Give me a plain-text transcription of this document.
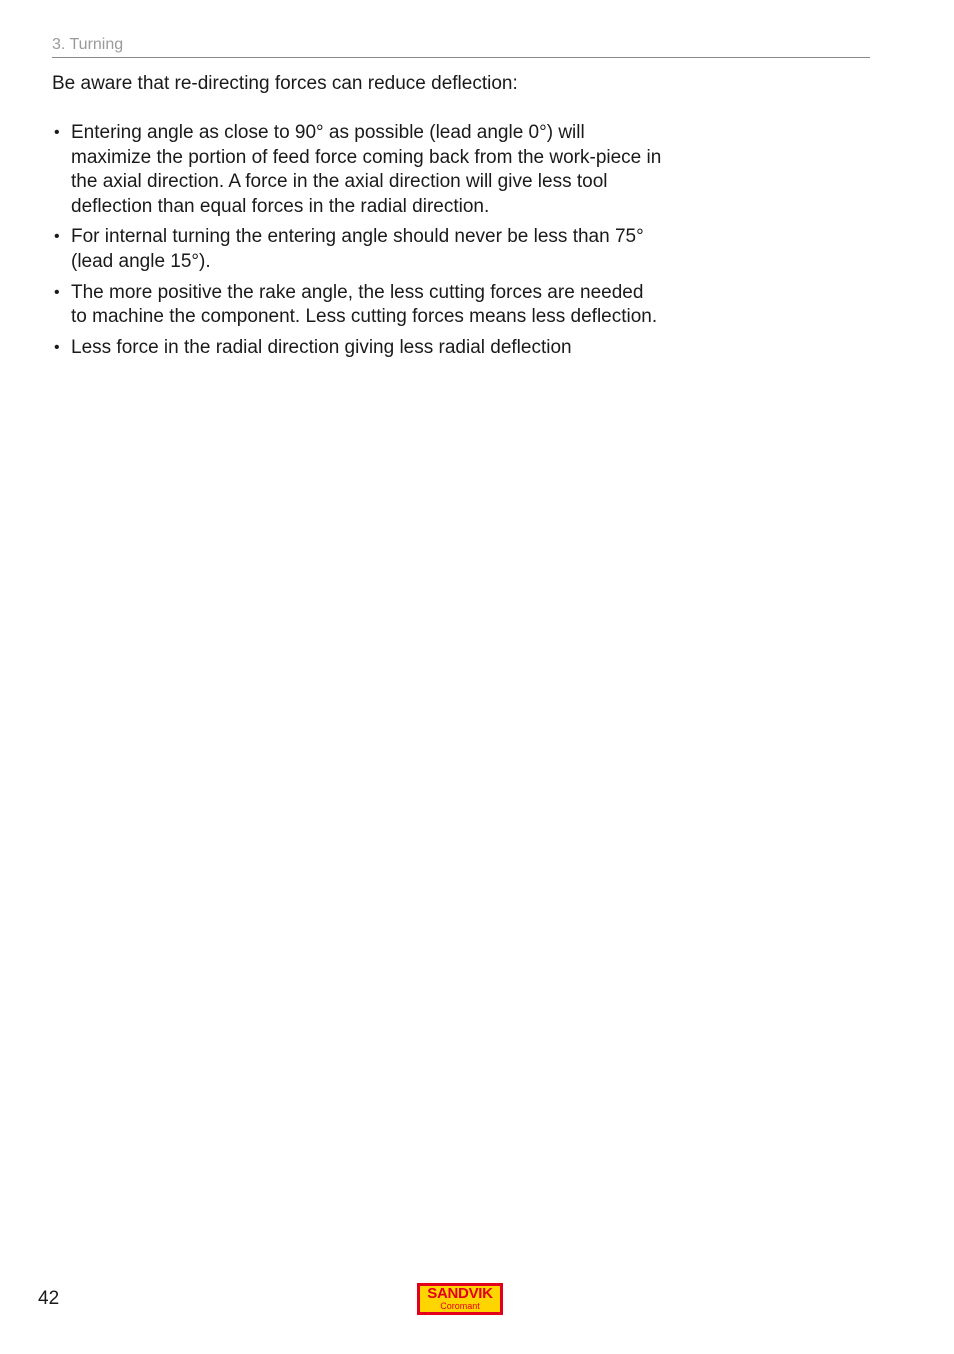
3. Turning

Be aware that re-directing forces can reduce deflection:

• Entering angle as close to 90° as possible (lead angle 0°) will maximize the portion of feed force coming back from the work-piece in the axial direction. A force in the axial direction will give less tool deflection than equal forces in the radial direction.
• For internal turning the entering angle should never be less than 75° (lead angle 15°).
• The more positive the rake angle, the less cutting forces are needed to machine the component. Less cutting forces means less deflection.
• Less force in the radial direction giving less radial deflection
42	SANDVIK
Coromant
